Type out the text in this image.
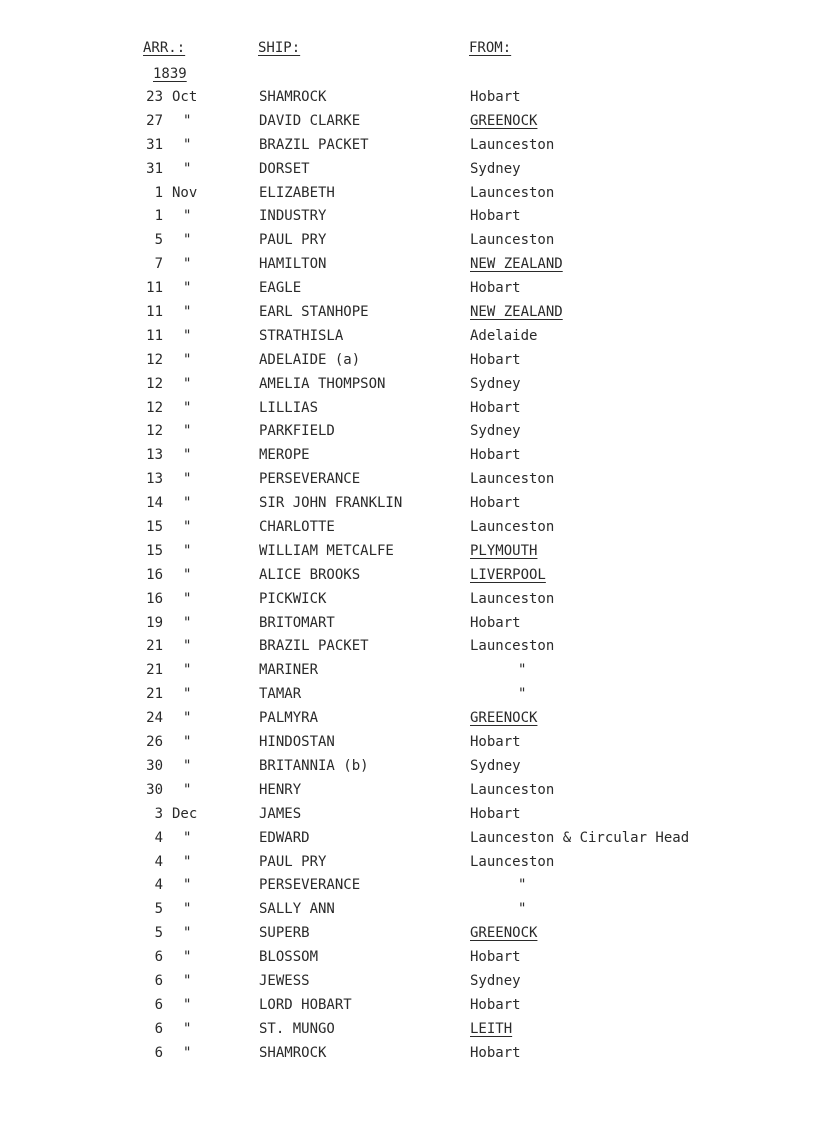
ARR.:	SHIP:	FROM:
1839
23 Oct	SHAMROCK	Hobart
27 "	DAVID CLARKE	GREENOCK
31 "	BRAZIL PACKET	Launceston
31 "	DORSET	Sydney
1 Nov	ELIZABETH	Launceston
1 "	INDUSTRY	Hobart
5 "	PAUL PRY	Launceston
7 "	HAMILTON	NEW ZEALAND
11 "	EAGLE	Hobart
11 "	EARL STANHOPE	NEW ZEALAND
11 "	STRATHISLA	Adelaide
12 "	ADELAIDE (a)	Hobart
12 "	AMELIA THOMPSON	Sydney
12 "	LILLIAS	Hobart
12 "	PARKFIELD	Sydney
13 "	MEROPE	Hobart
13 "	PERSEVERANCE	Launceston
14 "	SIR JOHN FRANKLIN	Hobart
15 "	CHARLOTTE	Launceston
15 "	WILLIAM METCALFE	PLYMOUTH
16 "	ALICE BROOKS	LIVERPOOL
16 "	PICKWICK	Launceston
19 "	BRITOMART	Hobart
21 "	BRAZIL PACKET	Launceston
21 "	MARINER	"
21 "	TAMAR	"
24 "	PALMYRA	GREENOCK
26 "	HINDOSTAN	Hobart
30 "	BRITANNIA (b)	Sydney
30 "	HENRY	Launceston
3 Dec	JAMES	Hobart
4 "	EDWARD	Launceston & Circular Head
4 "	PAUL PRY	Launceston
4 "	PERSEVERANCE	"
5 "	SALLY ANN	"
5 "	SUPERB	GREENOCK
6 "	BLOSSOM	Hobart
6 "	JEWESS	Sydney
6 "	LORD HOBART	Hobart
6 "	ST. MUNGO	LEITH
6 "	SHAMROCK	Hobart
